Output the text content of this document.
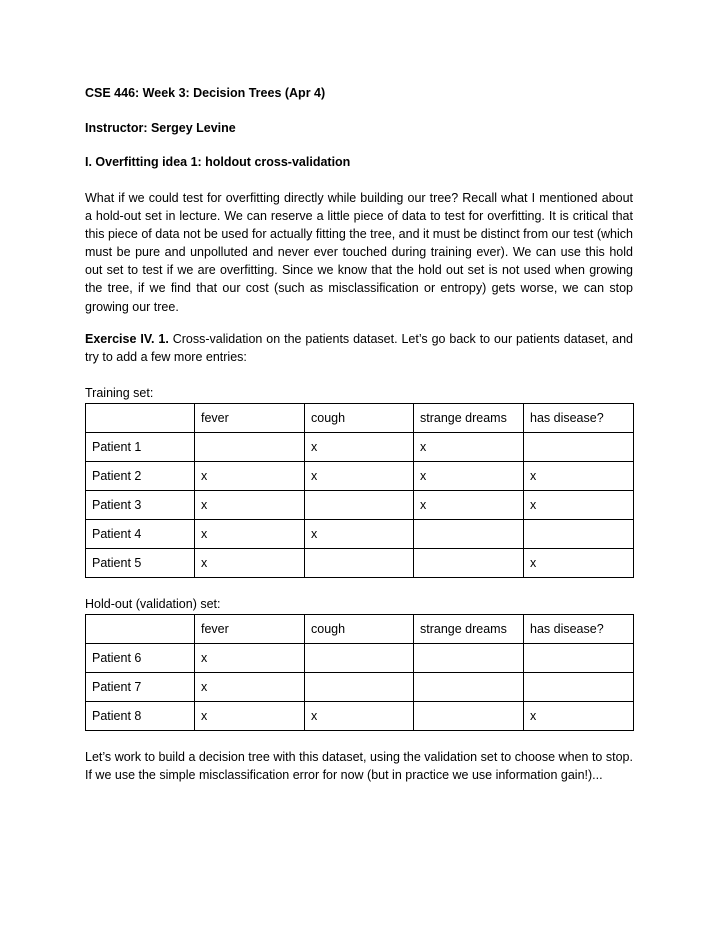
CSE 446: Week 3: Decision Trees (Apr 4)
Instructor: Sergey Levine
I. Overfitting idea 1: holdout cross-validation
What if we could test for overfitting directly while building our tree? Recall what I mentioned about a hold-out set in lecture. We can reserve a little piece of data to test for overfitting. It is critical that this piece of data not be used for actually fitting the tree, and it must be distinct from our test (which must be pure and unpolluted and never ever touched during training ever). We can use this hold out set to test if we are overfitting. Since we know that the hold out set is not used when growing the tree, if we find that our cost (such as misclassification or entropy) gets worse, we can stop growing our tree.
Exercise IV. 1. Cross-validation on the patients dataset. Let’s go back to our patients dataset, and try to add a few more entries:
Training set:
	fever	cough	strange dreams	has disease?
Patient 1		x	x	
Patient 2	x	x	x	x
Patient 3	x		x	x
Patient 4	x	x		
Patient 5	x			x
Hold-out (validation) set:
	fever	cough	strange dreams	has disease?
Patient 6	x			
Patient 7	x			
Patient 8	x	x		x
Let’s work to build a decision tree with this dataset, using the validation set to choose when to stop. If we use the simple misclassification error for now (but in practice we use information gain!)...
